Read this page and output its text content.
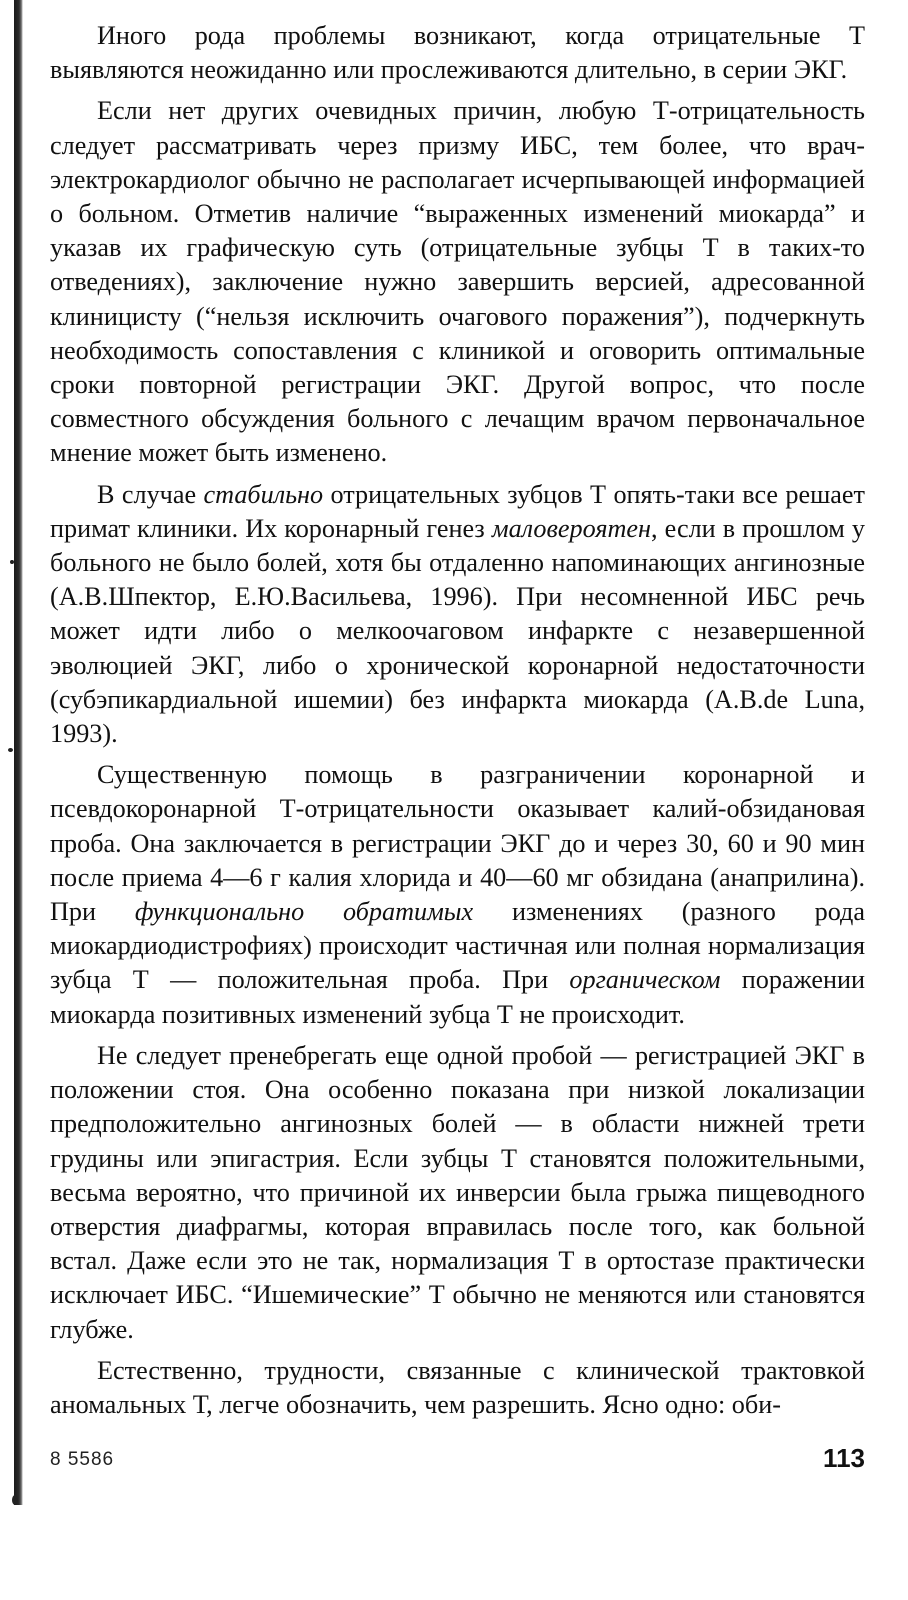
Иного рода проблемы возникают, когда отрицательные Т выявляются неожиданно или прослеживаются длительно, в серии ЭКГ.

Если нет других очевидных причин, любую Т-отрицательность следует рассматривать через призму ИБС, тем более, что врач-электрокардиолог обычно не располагает исчерпывающей информацией о больном. Отметив наличие “выраженных изменений миокарда” и указав их графическую суть (отрицательные зубцы Т в таких-то отведениях), заключение нужно завершить версией, адресованной клиницисту (“нельзя исключить очагового поражения”), подчеркнуть необходимость сопоставления с клиникой и оговорить оптимальные сроки повторной регистрации ЭКГ. Другой вопрос, что после совместного обсуждения больного с лечащим врачом первоначальное мнение может быть изменено.

В случае стабильно отрицательных зубцов Т опять-таки все решает примат клиники. Их коронарный генез маловероятен, если в прошлом у больного не было болей, хотя бы отдаленно напоминающих ангинозные (А.В.Шпектор, Е.Ю.Васильева, 1996). При несомненной ИБС речь может идти либо о мелкоочаговом инфаркте с незавершенной эволюцией ЭКГ, либо о хронической коронарной недостаточности (субэпикардиальной ишемии) без инфаркта миокарда (А.B.de Luna, 1993).

Существенную помощь в разграничении коронарной и псевдокоронарной Т-отрицательности оказывает калий-обзидановая проба. Она заключается в регистрации ЭКГ до и через 30, 60 и 90 мин после приема 4—6 г калия хлорида и 40—60 мг обзидана (анаприлина). При функционально обратимых изменениях (разного рода миокардиодистрофиях) происходит частичная или полная нормализация зубца Т — положительная проба. При органическом поражении миокарда позитивных изменений зубца Т не происходит.

Не следует пренебрегать еще одной пробой — регистрацией ЭКГ в положении стоя. Она особенно показана при низкой локализации предположительно ангинозных болей — в области нижней трети грудины или эпигастрия. Если зубцы Т становятся положительными, весьма вероятно, что причиной их инверсии была грыжа пищеводного отверстия диафрагмы, которая вправилась после того, как больной встал. Даже если это не так, нормализация Т в ортостазе практически исключает ИБС. “Ишемические” Т обычно не меняются или становятся глубже.

Естественно, трудности, связанные с клинической трактовкой аномальных Т, легче обозначить, чем разрешить. Ясно одно: оби-

8 5586	113
